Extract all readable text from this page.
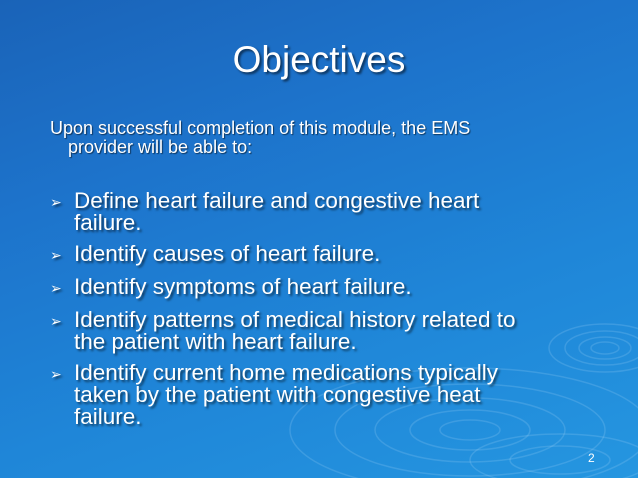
Objectives
Upon successful completion of this module, the EMS
provider will be able to:
➢ Define heart failure and congestive heart
failure.
➢ Identify causes of heart failure.
➢ Identify symptoms of heart failure.
➢ Identify patterns of medical history related to
the patient with heart failure.
➢ Identify current home medications typically
taken by the patient with congestive heat
failure.
2
